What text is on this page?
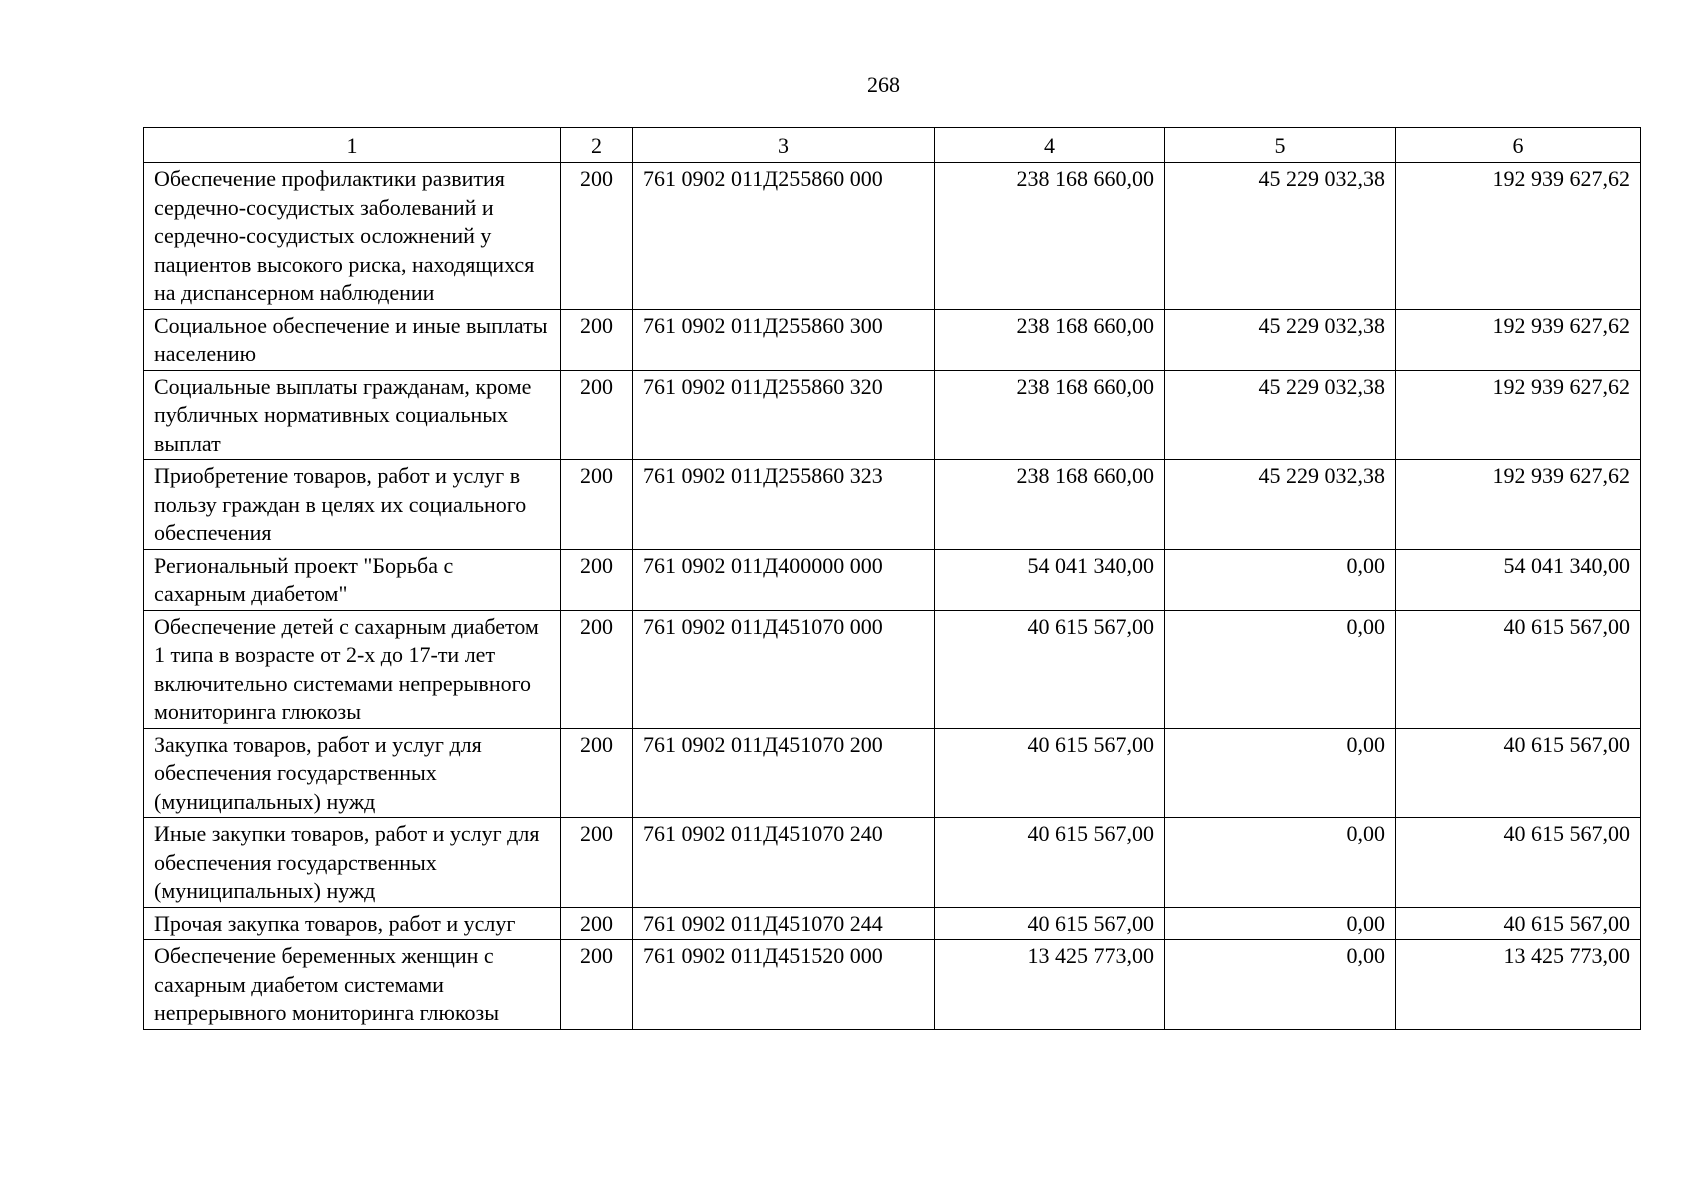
268
1	2	3	4	5	6
Обеспечение профилактики развития сердечно-сосудистых заболеваний и сердечно-сосудистых осложнений у пациентов высокого риска, находящихся на диспансерном наблюдении	200	761 0902 011Д255860 000	238 168 660,00	45 229 032,38	192 939 627,62
Социальное обеспечение и иные выплаты населению	200	761 0902 011Д255860 300	238 168 660,00	45 229 032,38	192 939 627,62
Социальные выплаты гражданам, кроме публичных нормативных социальных выплат	200	761 0902 011Д255860 320	238 168 660,00	45 229 032,38	192 939 627,62
Приобретение товаров, работ и услуг в пользу граждан в целях их социального обеспечения	200	761 0902 011Д255860 323	238 168 660,00	45 229 032,38	192 939 627,62
Региональный проект "Борьба с сахарным диабетом"	200	761 0902 011Д400000 000	54 041 340,00	0,00	54 041 340,00
Обеспечение детей с сахарным диабетом 1 типа в возрасте от 2-х до 17-ти лет включительно системами непрерывного мониторинга глюкозы	200	761 0902 011Д451070 000	40 615 567,00	0,00	40 615 567,00
Закупка товаров, работ и услуг для обеспечения государственных (муниципальных) нужд	200	761 0902 011Д451070 200	40 615 567,00	0,00	40 615 567,00
Иные закупки товаров, работ и услуг для обеспечения государственных (муниципальных) нужд	200	761 0902 011Д451070 240	40 615 567,00	0,00	40 615 567,00
Прочая закупка товаров, работ и услуг	200	761 0902 011Д451070 244	40 615 567,00	0,00	40 615 567,00
Обеспечение беременных женщин с сахарным диабетом системами непрерывного мониторинга глюкозы	200	761 0902 011Д451520 000	13 425 773,00	0,00	13 425 773,00
